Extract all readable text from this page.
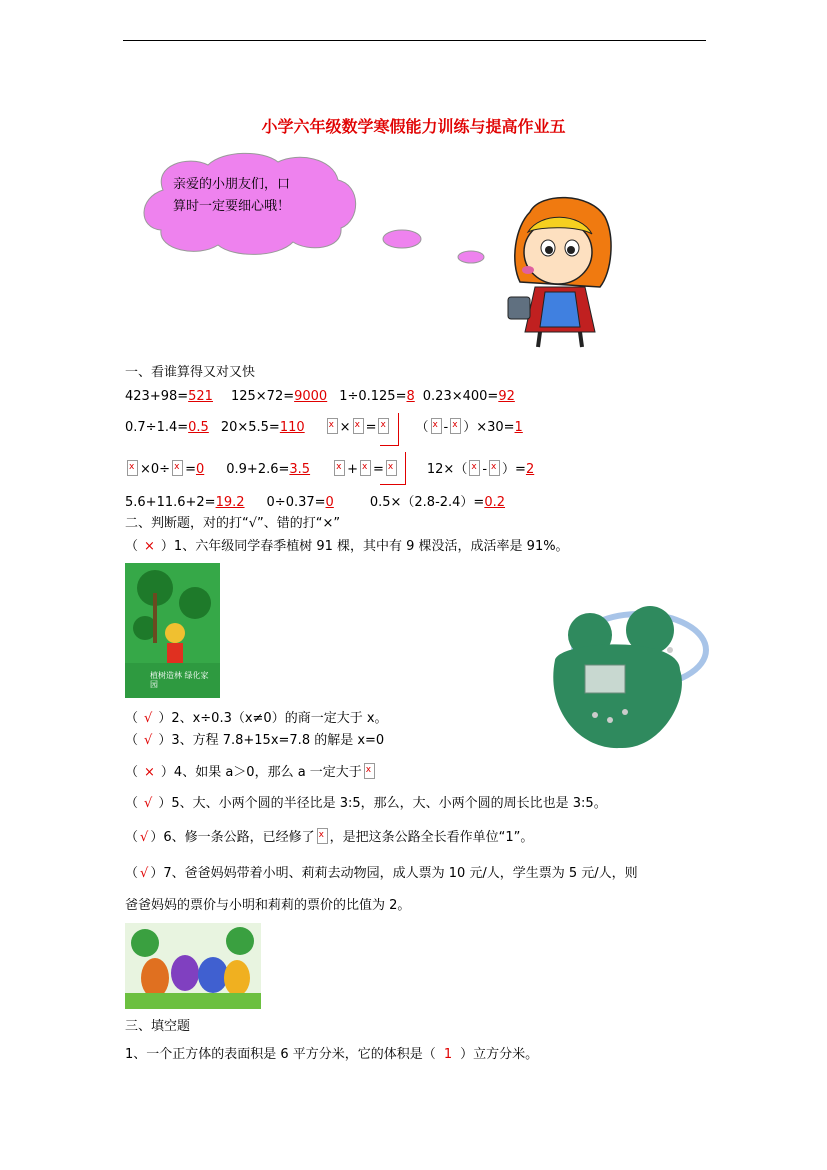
小学六年级数学寒假能力训练与提高作业五
亲爱的小朋友们，口
算时一定要细心哦！
一、看谁算得又对又快
423+98=521 125×72=9000 1÷0.125=8 0.23×400=92
0.7÷1.4=0.5 20×5.5=110 x	× x = x	（ x - x ）×30=1
x×0÷ x =0 0.9+2.6=3.5 x	+ x = x	12×（ x - x ）=2
5.6+11.6+2=19.2 0÷0.37=0	0.5×（2.8-2.4）=0.2
二、判断题，对的打“√”、错的打“×”
（ × ）1、六年级同学春季植树 91 棵，其中有 9 棵没活，成活率是 91%。
植树造林 绿化家园
（ √ ）2、x÷0.3（x≠0）的商一定大于 x。
（ √ ）3、方程 7.8+15x=7.8 的解是 x=0
（ × ）4、如果 a＞0，那么 a 一定大于x
（ √ ）5、大、小两个圆的半径比是 3:5，那么，大、小两个圆的周长比也是 3:5。
（ √ ）6、修一条公路，已经修了 x ，是把这条公路全长看作单位“1”。
（ √ ）7、爸爸妈妈带着小明、莉莉去动物园，成人票为 10 元/人，学生票为 5 元/人，则
爸爸妈妈的票价与小明和莉莉的票价的比值为 2。
三、填空题
1、一个正方体的表面积是 6 平方分米，它的体积是（ 1 ）立方分米。
